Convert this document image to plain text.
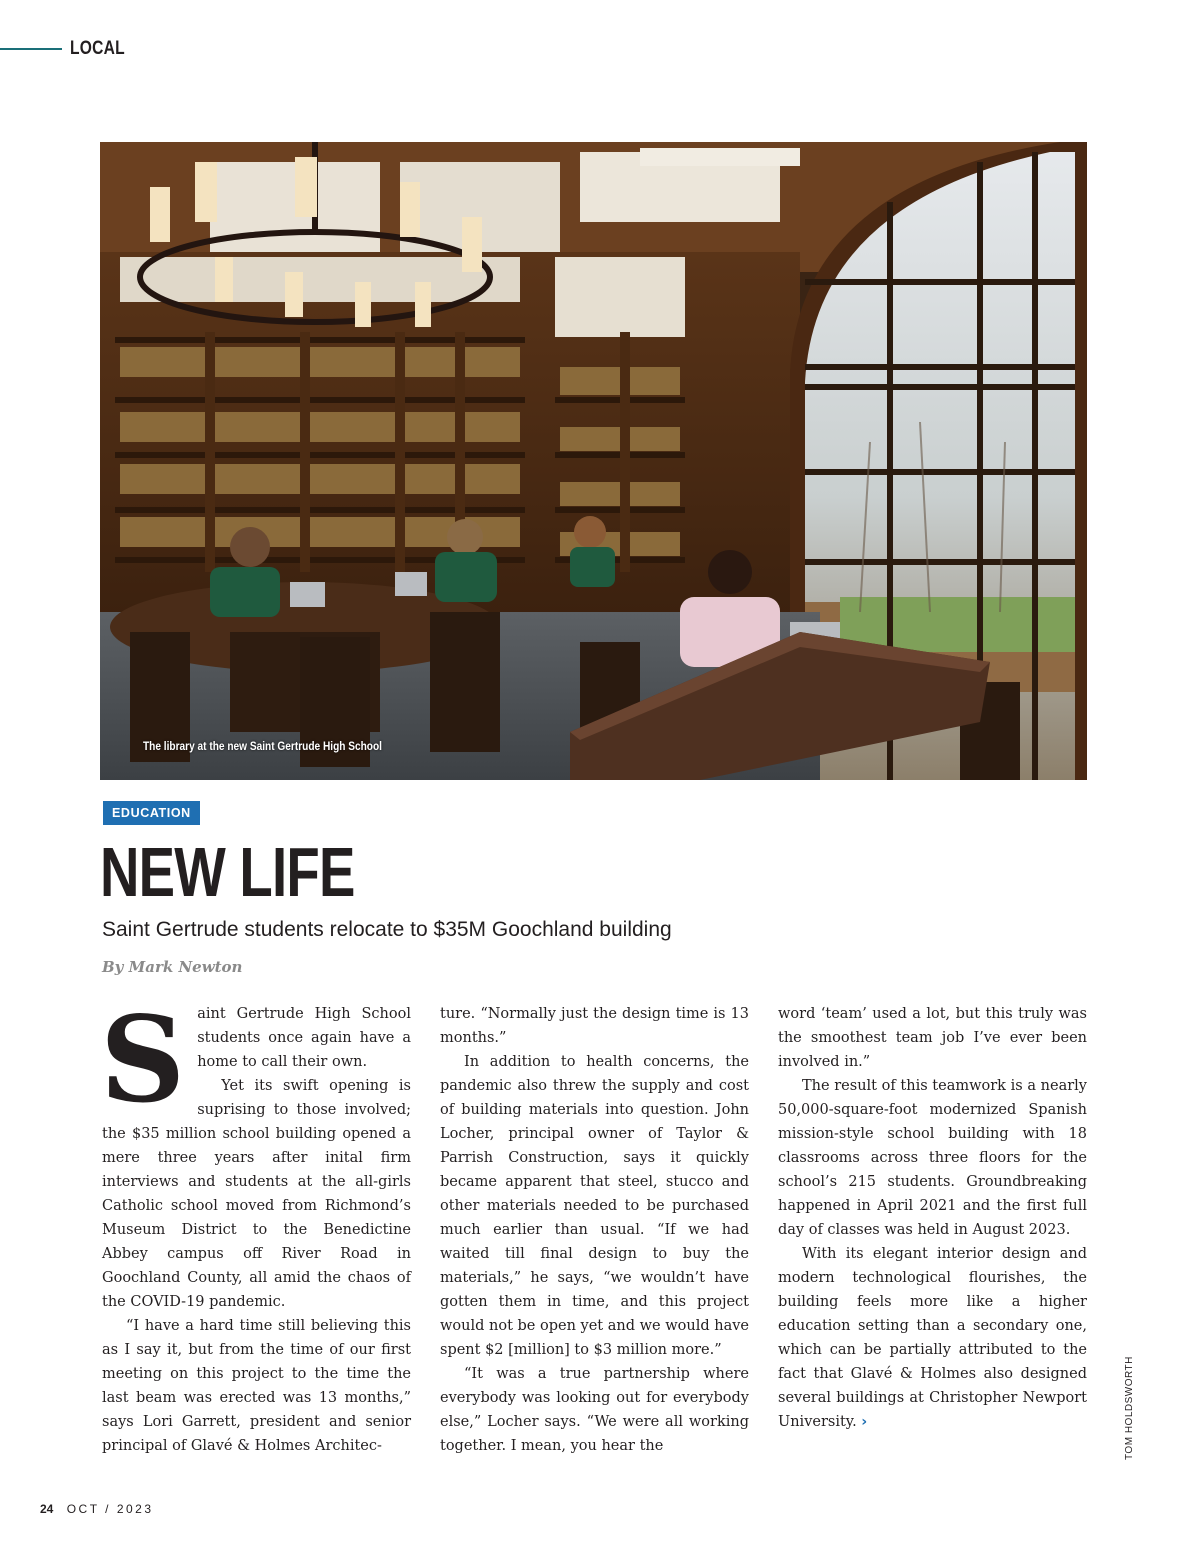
LOCAL
The library at the new Saint Gertrude High School
EDUCATION
NEW LIFE
Saint Gertrude students relocate to $35M Goochland building
By Mark Newton
S aint Gertrude High School students once again have a home to call their own.

Yet its swift opening is suprising to those involved; the $35 million school building opened a mere three years after inital firm interviews and students at the all-girls Catholic school moved from Richmond’s Museum District to the Benedictine Abbey campus off River Road in Goochland County, all amid the chaos of the COVID-19 pandemic.

“I have a hard time still believing this as I say it, but from the time of our first meeting on this project to the time the last beam was erected was 13 months,” says Lori Garrett, president and senior principal of Glavé & Holmes Architec-

ture. “Normally just the design time is 13 months.”

In addition to health concerns, the pandemic also threw the supply and cost of building materials into question. John Locher, principal owner of Taylor & Parrish Construction, says it quickly became apparent that steel, stucco and other materials needed to be purchased much earlier than usual. “If we had waited till final design to buy the materials,” he says, “we wouldn’t have gotten them in time, and this project would not be open yet and we would have spent $2 [million] to $3 million more.”

“It was a true partnership where everybody was looking out for everybody else,” Locher says. “We were all working together. I mean, you hear the

word ‘team’ used a lot, but this truly was the smoothest team job I’ve ever been involved in.”

The result of this teamwork is a nearly 50,000-square-foot modernized Spanish mission-style school building with 18 classrooms across three floors for the school’s 215 students. Groundbreaking happened in April 2021 and the first full day of classes was held in August 2023.

With its elegant interior design and modern technological flourishes, the building feels more like a higher education setting than a secondary one, which can be partially attributed to the fact that Glavé & Holmes also designed several buildings at Christopher Newport University. ›	TOM HOLDSWORTH
24 OCT / 2023
